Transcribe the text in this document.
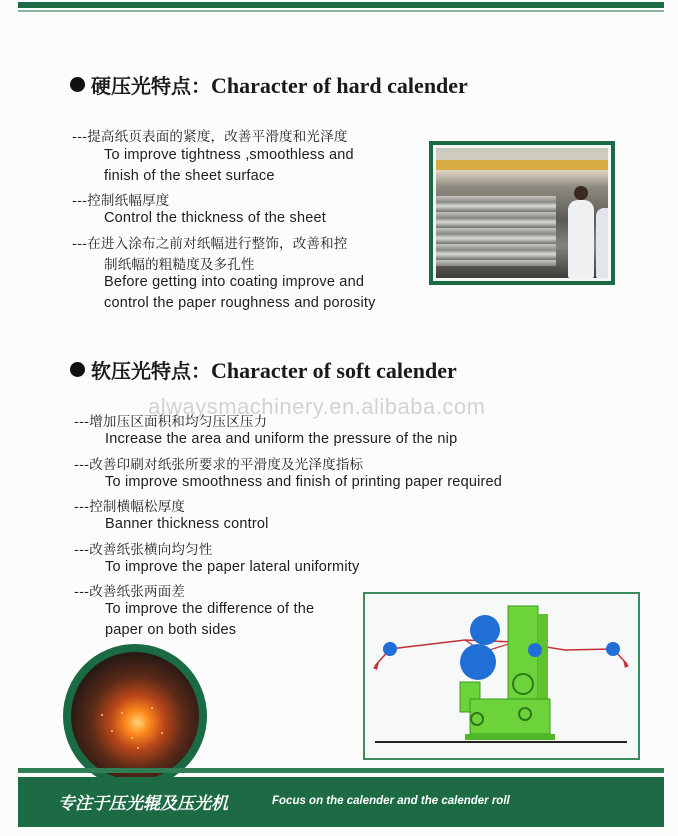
硬压光特点：Character of hard calender
---提高纸页表面的紧度，改善平滑度和光泽度
To improve tightness ,smoothless and
finish of the sheet surface
---控制纸幅厚度
Control the thickness of the sheet
---在进入涂布之前对纸幅进行整饰，改善和控
制纸幅的粗糙度及多孔性
Before getting into coating improve and
control the paper roughness and porosity
软压光特点：Character of soft calender
alwaysmachinery.en.alibaba.com
---增加压区面积和均匀压区压力
Increase the area and uniform the pressure of the nip
---改善印刷对纸张所要求的平滑度及光泽度指标
To improve smoothness and finish of printing paper required
---控制横幅松厚度
Banner thickness control
---改善纸张横向均匀性
To improve the paper lateral uniformity
---改善纸张两面差
To improve the difference of the
paper on both sides
专注于压光辊及压光机	Focus on the calender and the calender roll
